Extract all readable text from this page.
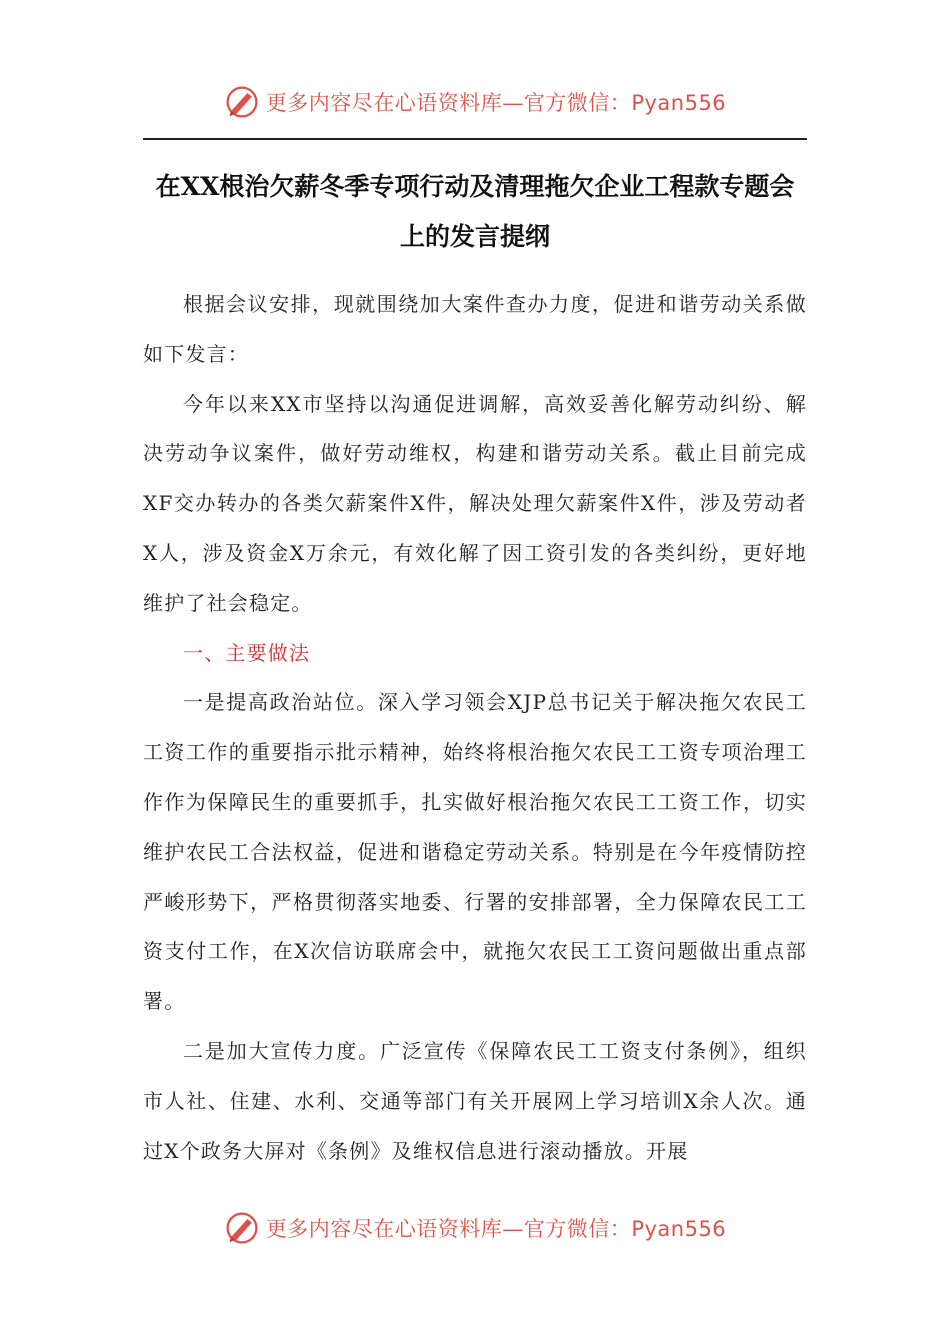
更多内容尽在心语资料库—官方微信：Pyan556
在XX根治欠薪冬季专项行动及清理拖欠企业工程款专题会
上的发言提纲

根据会议安排，现就围绕加大案件查办力度，促进和谐劳动关系做如下发言：

今年以来XX市坚持以沟通促进调解，高效妥善化解劳动纠纷、解决劳动争议案件，做好劳动维权，构建和谐劳动关系。截止目前完成XF交办转办的各类欠薪案件X件，解决处理欠薪案件X件，涉及劳动者X人，涉及资金X万余元，有效化解了因工资引发的各类纠纷，更好地维护了社会稳定。

一、主要做法

一是提高政治站位。深入学习领会XJP总书记关于解决拖欠农民工工资工作的重要指示批示精神，始终将根治拖欠农民工工资专项治理工作作为保障民生的重要抓手，扎实做好根治拖欠农民工工资工作，切实维护农民工合法权益，促进和谐稳定劳动关系。特别是在今年疫情防控严峻形势下，严格贯彻落实地委、行署的安排部署，全力保障农民工工资支付工作，在X次信访联席会中，就拖欠农民工工资问题做出重点部署。

二是加大宣传力度。广泛宣传《保障农民工工资支付条例》，组织市人社、住建、水利、交通等部门有关开展网上学习培训X余人次。通过X个政务大屏对《条例》及维权信息进行滚动播放。开展

更多内容尽在心语资料库—官方微信：Pyan556
